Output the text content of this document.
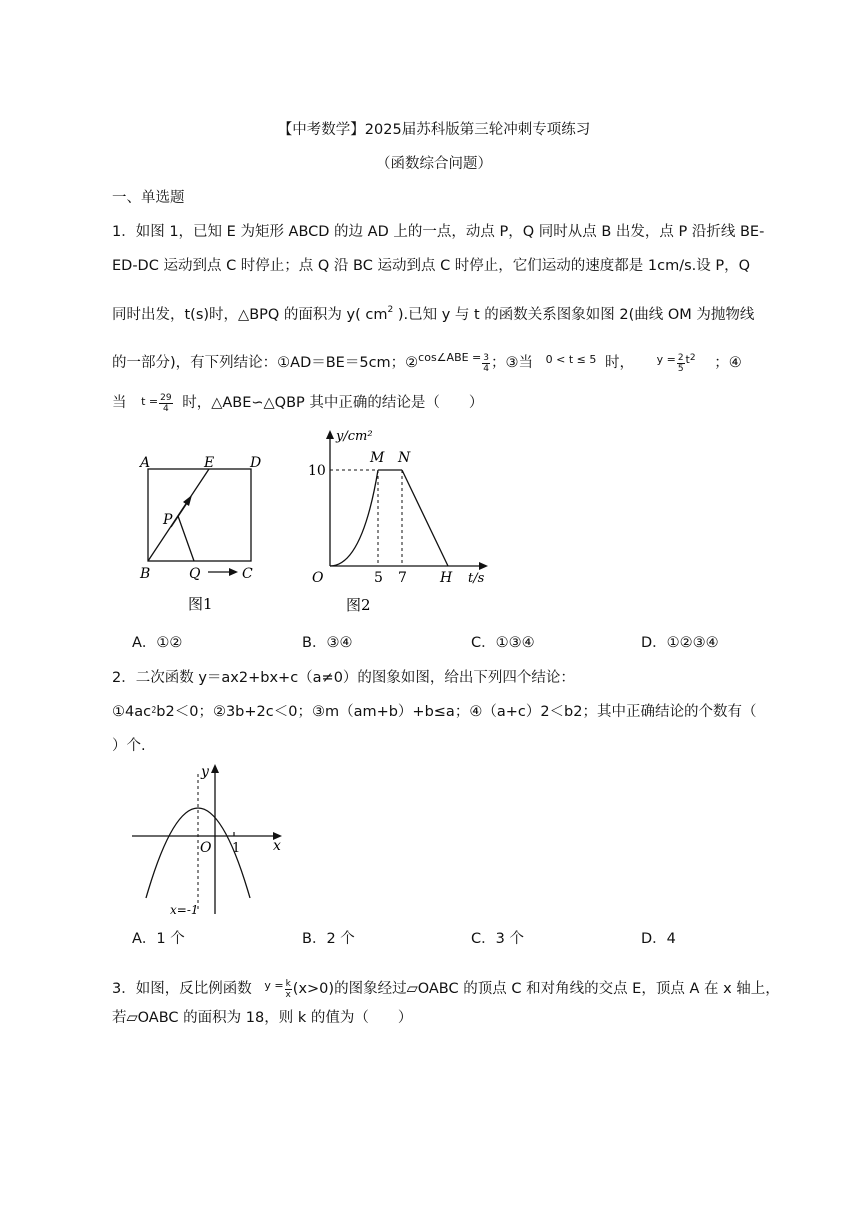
【中考数学】2025届苏科版第三轮冲刺专项练习
（函数综合问题）
一、单选题
1．如图 1，已知 E 为矩形 ABCD 的边 AD 上的一点，动点 P，Q 同时从点 B 出发，点 P 沿折线 BE-
ED-DC 运动到点 C 时停止；点 Q 沿 BC 运动到点 C 时停止，它们运动的速度都是 1cm/s.设 P，Q
同时出发，t(s)时，△BPQ 的面积为 y( $cm^2$ ).已知 y 与 t 的函数关系图象如图 2(曲线 OM 为抛物线
的一部分)，有下列结论：①AD＝BE＝5cm；②$^{cos\angle ABE =}$ $\frac{3}{4}$ ；③当 $^{0 < t \le 5}$ 时， $^{y =} \frac{2}{5} ^{t2}$ ；④
当 $t = \frac{29}{4}$ 时，△ABE∽△QBP 其中正确的结论是（　　）
A	E	D
P
B	Q	C
图1
y/cm²
10
M N
O	5 7 H t/s
图2
A．①②	B．③④	C．①③④	D．①②③④
2．二次函数 y＝ax2+bx+c（a≠0）的图象如图，给出下列四个结论：
①4ac⁲b2＜0；②3b+2c＜0；③m（am+b）+b≤a；④（a+c）2＜b2；其中正确结论的个数有（
）个.
y
O 1 x
x=-1
A．1 个	B．2 个	C．3 个	D．4
3．如图，反比例函数 $^{y =} \frac{k}{x} (x>0)$的图象经过▱OABC 的顶点 C 和对角线的交点 E，顶点 A 在 x 轴上，
若▱OABC 的面积为 18，则 k 的值为（　　）
